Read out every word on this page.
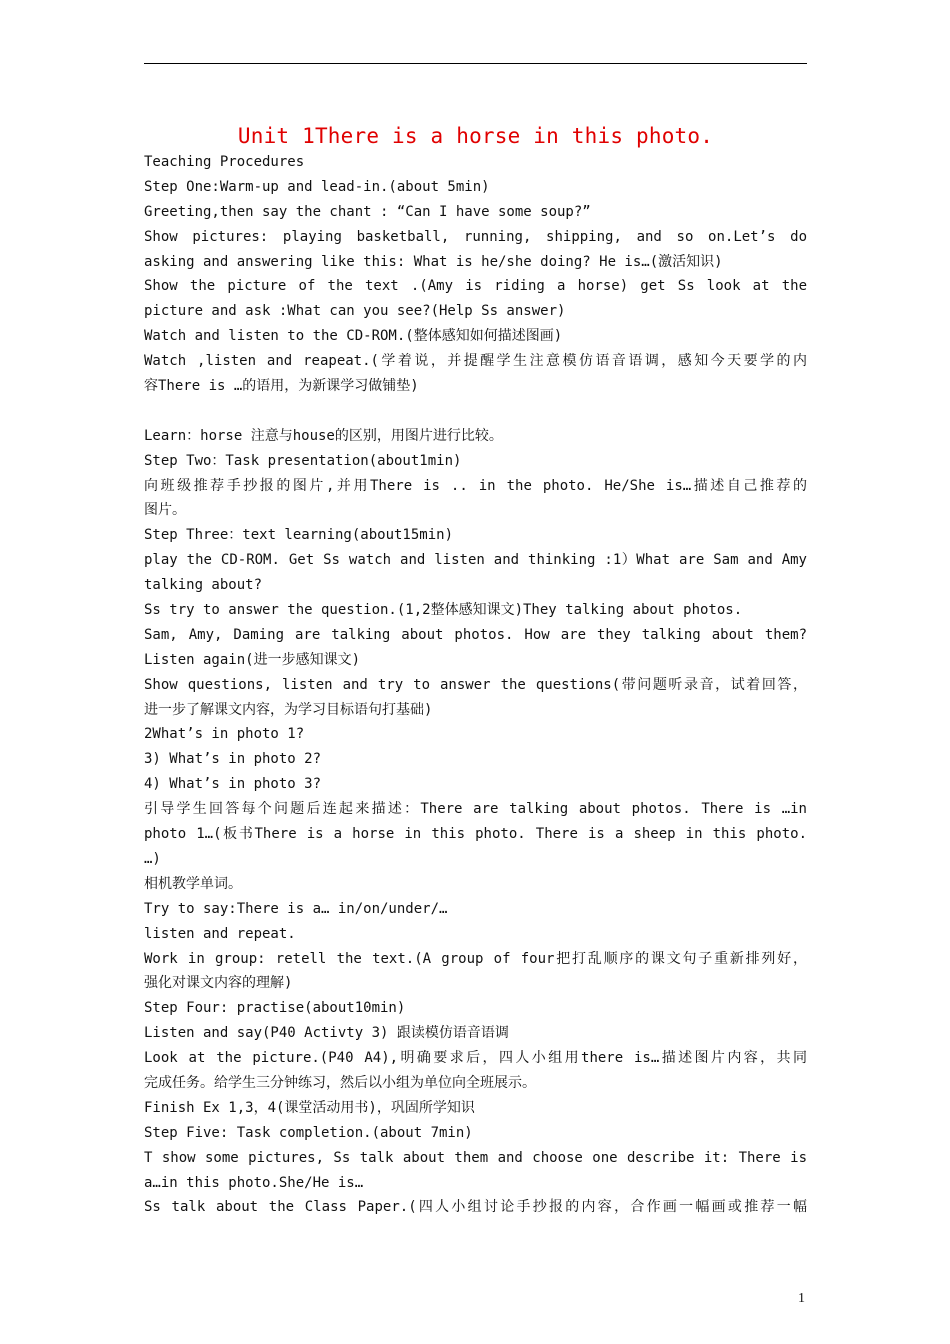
Unit 1There is a horse in this photo.
Teaching Procedures
Step One:Warm-up and lead-in.(about 5min)
Greeting,then say the chant : “Can I have some soup?”
Show pictures: playing basketball, running, shipping, and so on.Let’s do
asking and answering like this: What is he/she doing? He is…(激活知识)
Show the picture of the text .(Amy is riding a horse) get Ss look at the
picture and ask :What can you see?(Help Ss answer)
Watch and listen to the CD-ROM.(整体感知如何描述图画)
Watch ,listen and reapeat.(学着说，并提醒学生注意模仿语音语调，感知今天要学的内
容There is …的语用，为新课学习做铺垫)
Learn：horse 注意与house的区别，用图片进行比较。
Step Two：Task presentation(about1min)
向班级推荐手抄报的图片,并用There is .. in the photo. He/She is…描述自己推荐的
图片。
Step Three：text learning(about15min)
play the CD-ROM. Get Ss watch and listen and thinking :1）What are Sam and Amy
talking about?
Ss try to answer the question.(1,2整体感知课文)They talking about photos.
Sam, Amy, Daming are talking about photos. How are they talking about them?
Listen again(进一步感知课文)
Show questions, listen and try to answer the questions(带问题听录音，试着回答，
进一步了解课文内容，为学习目标语句打基础)
2What’s in photo 1?
3) What’s in photo 2?
4) What’s in photo 3?
引导学生回答每个问题后连起来描述：There are talking about photos. There is …in
photo 1…(板书There is a horse in this photo. There is a sheep in this photo.
…)
相机教学单词。
Try to say:There is a… in/on/under/…
listen and repeat.
Work in group: retell the text.(A group of four把打乱顺序的课文句子重新排列好，
强化对课文内容的理解)
Step Four: practise(about10min)
Listen and say(P40 Activty 3) 跟读模仿语音语调
Look at the picture.(P40 A4),明确要求后，四人小组用there is…描述图片内容，共同
完成任务。给学生三分钟练习，然后以小组为单位向全班展示。
Finish Ex 1,3，4(课堂活动用书)，巩固所学知识
Step Five: Task completion.(about 7min)
T show some pictures, Ss talk about them and choose one describe it: There is
a…in this photo.She/He is…
Ss talk about the Class Paper.(四人小组讨论手抄报的内容，合作画一幅画或推荐一幅
1
